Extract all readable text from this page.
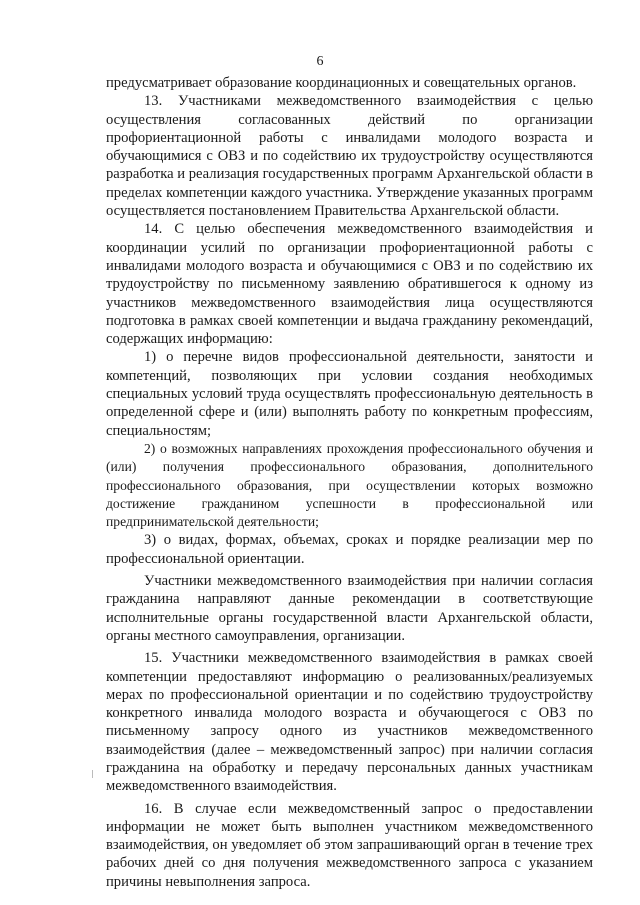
6

предусматривает образование координационных и совещательных органов.

13. Участниками межведомственного взаимодействия с целью осуществления согласованных действий по организации профориентационной работы с инвалидами молодого возраста и обучающимися с ОВЗ и по содействию их трудоустройству осуществляются разработка и реализация государственных программ Архангельской области в пределах компетенции каждого участника. Утверждение указанных программ осуществляется постановлением Правительства Архангельской области.

14. С целью обеспечения межведомственного взаимодействия и координации усилий по организации профориентационной работы с инвалидами молодого возраста и обучающимися с ОВЗ и по содействию их трудоустройству по письменному заявлению обратившегося к одному из участников межведомственного взаимодействия лица осуществляются подготовка в рамках своей компетенции и выдача гражданину рекомендаций, содержащих информацию:

1) о перечне видов профессиональной деятельности, занятости и компетенций, позволяющих при условии создания необходимых специальных условий труда осуществлять профессиональную деятельность в определенной сфере и (или) выполнять работу по конкретным профессиям, специальностям;

2) о возможных направлениях прохождения профессионального обучения и (или) получения профессионального образования, дополнительного профессионального образования, при осуществлении которых возможно достижение гражданином успешности в профессиональной или предпринимательской деятельности;

3) о видах, формах, объемах, сроках и порядке реализации мер по профессиональной ориентации.

Участники межведомственного взаимодействия при наличии согласия гражданина направляют данные рекомендации в соответствующие исполнительные органы государственной власти Архангельской области, органы местного самоуправления, организации.

15. Участники межведомственного взаимодействия в рамках своей компетенции предоставляют информацию о реализованных/реализуемых мерах по профессиональной ориентации и по содействию трудоустройству конкретного инвалида молодого возраста и обучающегося с ОВЗ по письменному запросу одного из участников межведомственного взаимодействия (далее – межведомственный запрос) при наличии согласия гражданина на обработку и передачу персональных данных участникам межведомственного взаимодействия.

16. В случае если межведомственный запрос о предоставлении информации не может быть выполнен участником межведомственного взаимодействия, он уведомляет об этом запрашивающий орган в течение трех рабочих дней со дня получения межведомственного запроса с указанием причины невыполнения запроса.
